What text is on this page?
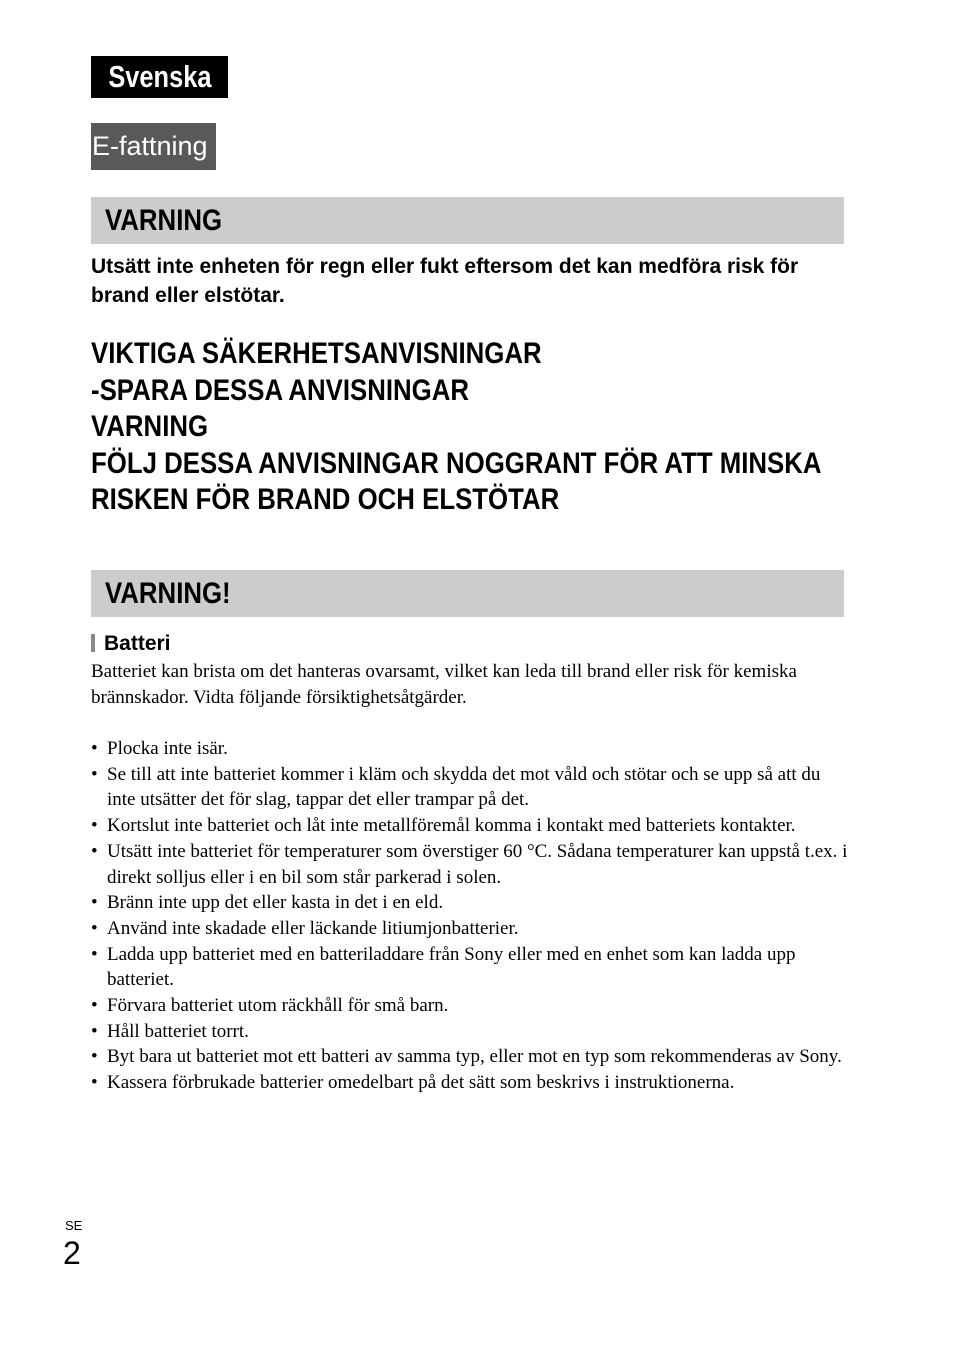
Svenska
E-fattning
VARNING

Utsätt inte enheten för regn eller fukt eftersom det kan medföra risk för brand eller elstötar.

VIKTIGA SÄKERHETSANVISNINGAR
-SPARA DESSA ANVISNINGAR
VARNING
FÖLJ DESSA ANVISNINGAR NOGGRANT FÖR ATT MINSKA
RISKEN FÖR BRAND OCH ELSTÖTAR
VARNING!
Batteri

Batteriet kan brista om det hanteras ovarsamt, vilket kan leda till brand eller risk för kemiska brännskador. Vidta följande försiktighetsåtgärder.

• Plocka inte isär.
• Se till att inte batteriet kommer i kläm och skydda det mot våld och stötar och se upp så att du inte utsätter det för slag, tappar det eller trampar på det.
• Kortslut inte batteriet och låt inte metallföremål komma i kontakt med batteriets kontakter.
• Utsätt inte batteriet för temperaturer som överstiger 60 °C. Sådana temperaturer kan uppstå t.ex. i direkt solljus eller i en bil som står parkerad i solen.
• Bränn inte upp det eller kasta in det i en eld.
• Använd inte skadade eller läckande litiumjonbatterier.
• Ladda upp batteriet med en batteriladdare från Sony eller med en enhet som kan ladda upp batteriet.
• Förvara batteriet utom räckhåll för små barn.
• Håll batteriet torrt.
• Byt bara ut batteriet mot ett batteri av samma typ, eller mot en typ som rekommenderas av Sony.
• Kassera förbrukade batterier omedelbart på det sätt som beskrivs i instruktionerna.
SE
2
